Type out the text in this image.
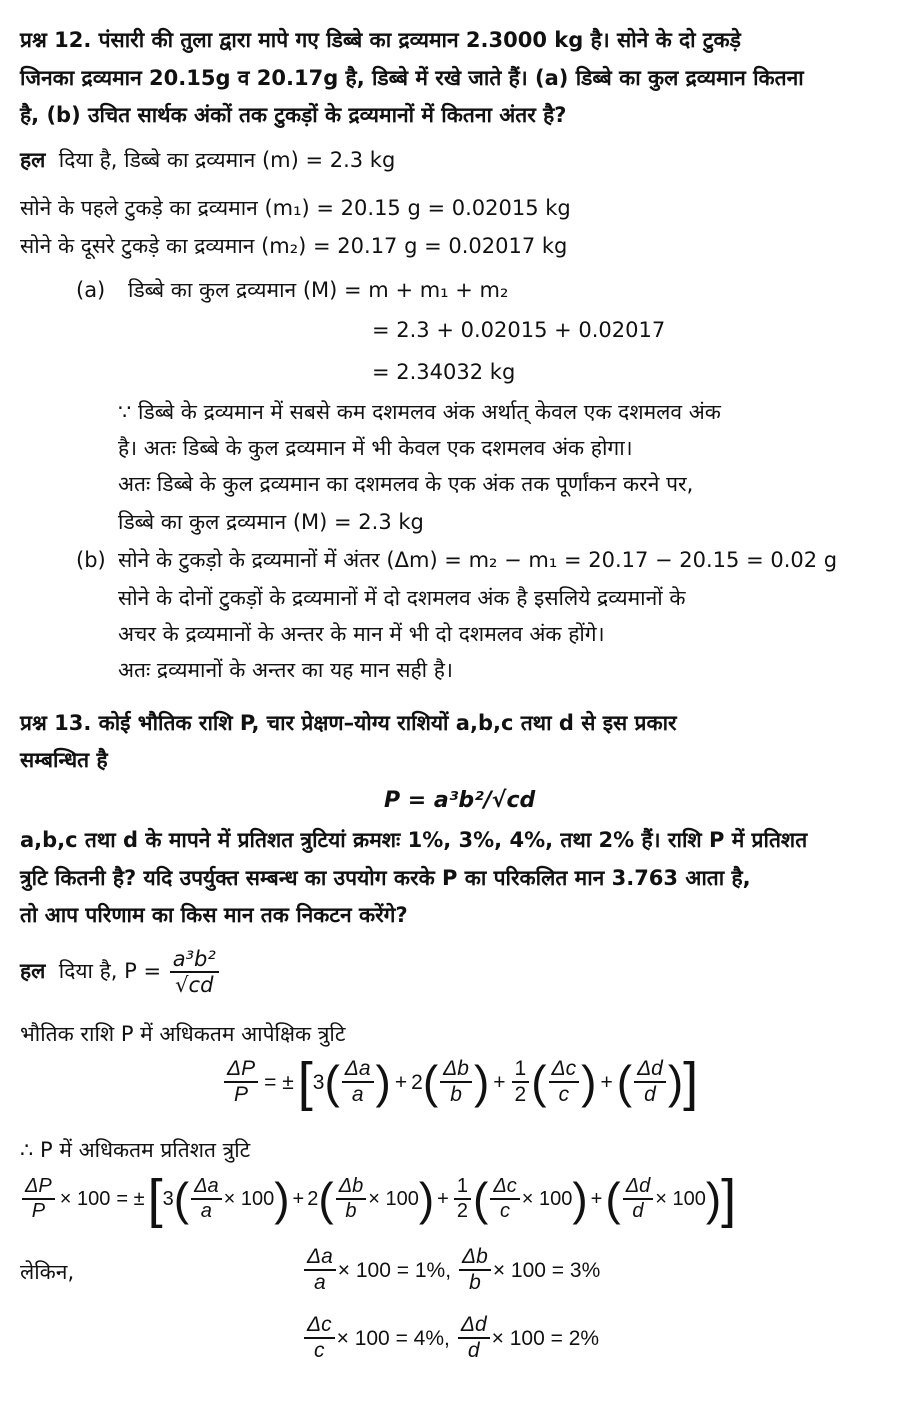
प्रश्न 12. पंसारी की तुला द्वारा मापे गए डिब्बे का द्रव्यमान 2.3000 kg है। सोने के दो टुकड़े
जिनका द्रव्यमान 20.15g व 20.17g है, डिब्बे में रखे जाते हैं। (a) डिब्बे का कुल द्रव्यमान कितना
है, (b) उचित सार्थक अंकों तक टुकड़ों के द्रव्यमानों में कितना अंतर है?
हल दिया है, डिब्बे का द्रव्यमान (m) = 2.3 kg
सोने के पहले टुकड़े का द्रव्यमान (m₁) = 20.15 g = 0.02015 kg
सोने के दूसरे टुकड़े का द्रव्यमान (m₂) = 20.17 g = 0.02017 kg
(a) डिब्बे का कुल द्रव्यमान (M) = m + m₁ + m₂
= 2.3 + 0.02015 + 0.02017
= 2.34032 kg
∵ डिब्बे के द्रव्यमान में सबसे कम दशमलव अंक अर्थात् केवल एक दशमलव अंक
है। अतः डिब्बे के कुल द्रव्यमान में भी केवल एक दशमलव अंक होगा।
अतः डिब्बे के कुल द्रव्यमान का दशमलव के एक अंक तक पूर्णांकन करने पर,
डिब्बे का कुल द्रव्यमान (M) = 2.3 kg
(b) सोने के टुकड़ो के द्रव्यमानों में अंतर (Δm) = m₂ − m₁ = 20.17 − 20.15 = 0.02 g
सोने के दोनों टुकड़ों के द्रव्यमानों में दो दशमलव अंक है इसलिये द्रव्यमानों के
अचर के द्रव्यमानों के अन्तर के मान में भी दो दशमलव अंक होंगे।
अतः द्रव्यमानों के अन्तर का यह मान सही है।
प्रश्न 13. कोई भौतिक राशि P, चार प्रेक्षण–योग्य राशियों a,b,c तथा d से इस प्रकार
सम्बन्धित है
P = a³b²/√cd
a,b,c तथा d के मापने में प्रतिशत त्रुटियां क्रमशः 1%, 3%, 4%, तथा 2% हैं। राशि P में प्रतिशत
त्रुटि कितनी है? यदि उपर्युक्त सम्बन्ध का उपयोग करके P का परिकलित मान 3.763 आता है,
तो आप परिणाम का किस मान तक निकटन करेंगे?
हल दिया है, $P = \frac{\text{a³b²}}{√cd}$
भौतिक राशि P में अधिकतम आपेक्षिक त्रुटि
$\frac{\Delta P}{P}$ = ± [ 3 ( $\frac{\Delta a}{a}$ ) + 2 ( $\frac{\Delta b}{b}$ ) + $\frac{1}{2}$ ( $\frac{\Delta c}{c}$ ) + ( $\frac{\Delta d}{d}$ ) ]
∴ P में अधिकतम प्रतिशत त्रुटि
$\frac{\Delta P}{P} \times 100$ = ± [ 3 ( $\frac{\Delta a}{a} \times 100$ ) + 2 ( $\frac{\Delta b}{b} \times 100$ ) + $\frac{1}{2}$ ( $\frac{\Delta c}{c} \times 100$ ) + ( $\frac{\Delta d}{d} \times 100$ ) ]
लेकिन,	$\frac{\Delta a}{a} \times 100 = 1\%$, $\frac{\Delta b}{b} \times 100 = 3\%$
$\frac{\Delta c}{c} \times 100 = 4\%$, $\frac{\Delta d}{d} \times 100 = 2\%$
